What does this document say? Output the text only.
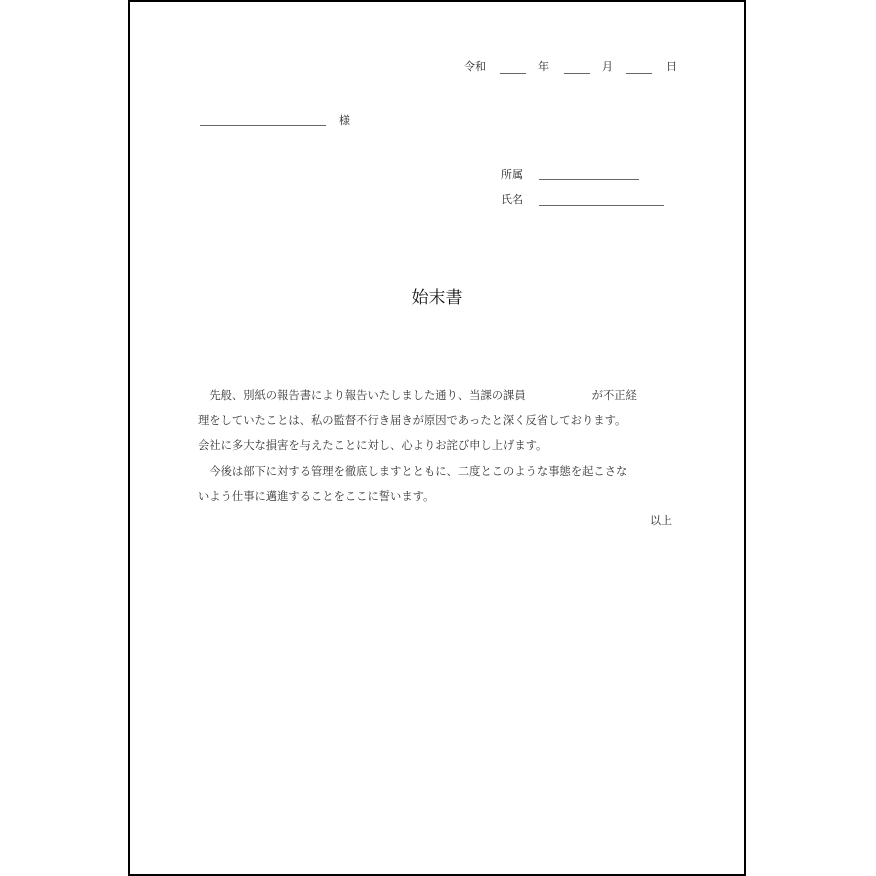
令和	年	月	日
様
所属
氏名
始末書

　先般、別紙の報告書により報告いたしました通り、当課の課員	が不正経

理をしていたことは、私の監督不行き届きが原因であったと深く反省しております。

会社に多大な損害を与えたことに対し、心よりお詫び申し上げます。

　今後は部下に対する管理を徹底しますとともに、二度とこのような事態を起こさな

いよう仕事に邁進することをここに誓います。

以上
